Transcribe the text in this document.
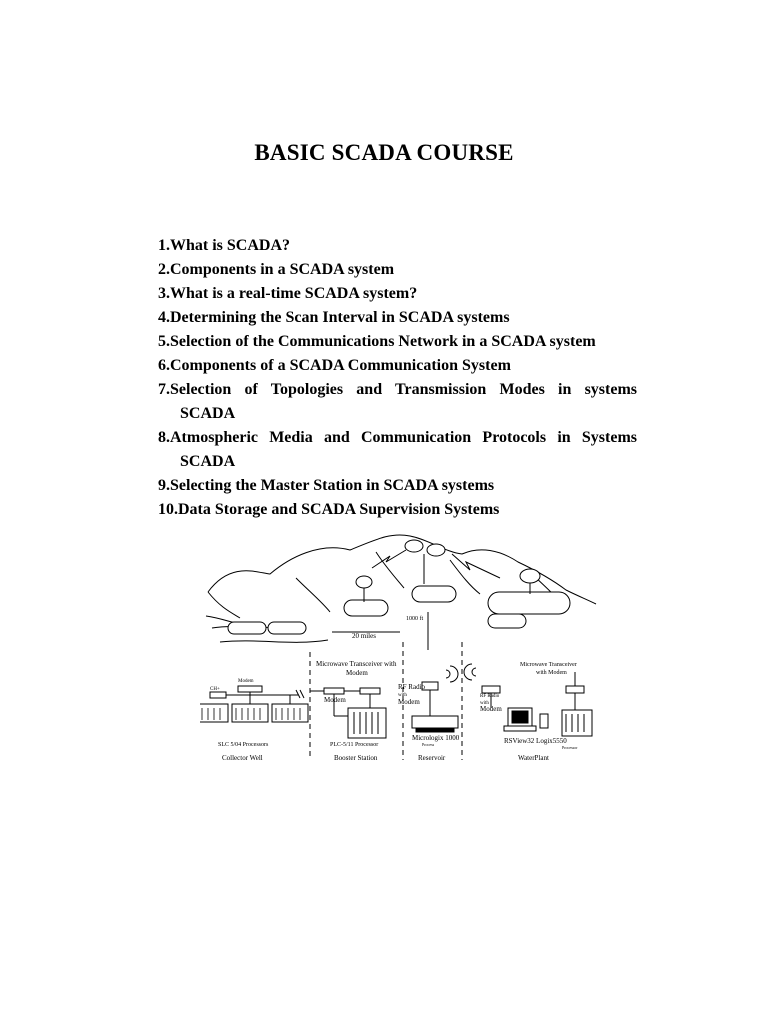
BASIC SCADA COURSE
1.What is SCADA?
2.Components in a SCADA system
3.What is a real-time SCADA system?
4.Determining the Scan Interval in SCADA systems
5.Selection of the Communications Network in a SCADA system
6.Components of a SCADA Communication System
7.Selection of Topologies and Transmission Modes in systems
SCADA
8.Atmospheric Media and Communication Protocols in Systems
SCADA
9.Selecting the Master Station in SCADA systems
10.Data Storage and SCADA Supervision Systems
20 miles
1000 ft
Modem
CH+
Microwave Transceiver with
Modem
Modem
RF Radio
with
Modem
Microwave Transceiver
with Modem
RF Radio
with
Modem
SLC 5/04 Processors	PLC-5/11 Processor
Micrologix 1000
Process	RSView32 Logix5550
Processor
Collector Well	Booster Station	Reservoir	WaterPlant
